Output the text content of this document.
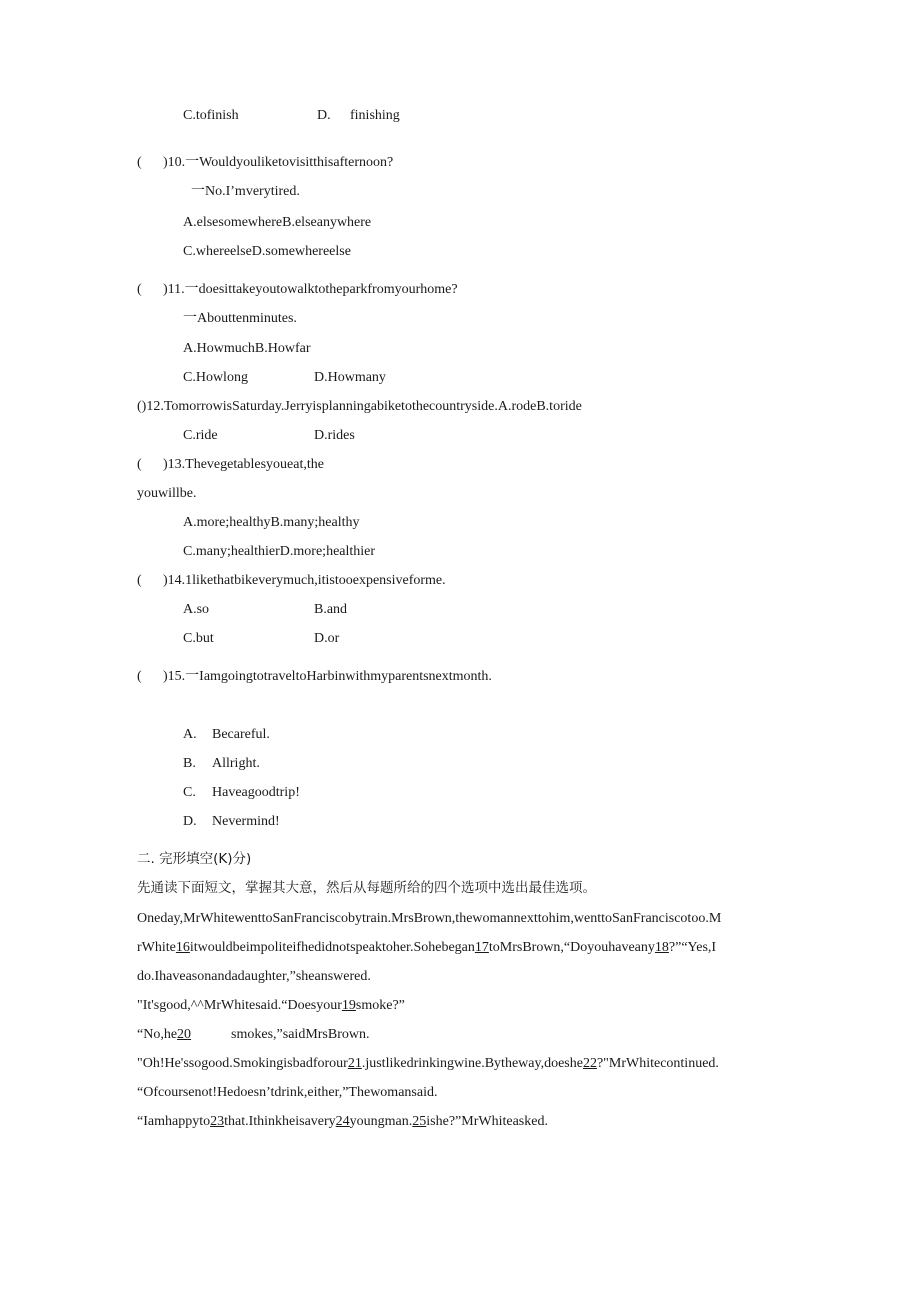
C.tofinish	D. finishing
( )10.一Wouldyouliketovisitthisafternoon?
一No.I’mverytired.
A.elsesomewhereB.elseanywhere
C.whereelseD.somewhereelse
( )11.一doesittakeyoutowalktotheparkfromyourhome?
一Abouttenminutes.
A.HowmuchB.Howfar
C.Howlong	D.Howmany
()12.TomorrowisSaturday.Jerryisplanningabiketothecountryside.A.rodeB.toride
C.ride	D.rides
( )13.Thevegetablesyoueat,the
youwillbe.
A.more;healthyB.many;healthy
C.many;healthierD.more;healthier
( )14.1likethatbikeverymuch,itistooexpensiveforme.
A.so	B.and
C.but	D.or
( )15.一IamgoingtotraveltoHarbinwithmyparentsnextmonth.
A. Becareful.
B. Allright.
C. Haveagoodtrip!
D. Nevermind!
二. 完形填空(K)分)
先通读下面短文，掌握其大意，然后从每题所给的四个选项中选出最佳选项。
Oneday,MrWhitewenttoSanFranciscobytrain.MrsBrown,thewomannexttohim,wenttoSanFranciscotoo.M
rWhite16itwouldbeimpoliteifhedidnotspeaktoher.Sohebegan17toMrsBrown,“Doyouhaveany18?”“Yes,I
do.Ihaveasonandadaughter,”sheanswered.
"It'sgood,^^MrWhitesaid.“Doesyour19smoke?”
“No,he20	smokes,”saidMrsBrown.
"Oh!He'ssogood.Smokingisbadforour21.justlikedrinkingwine.Bytheway,doeshe22?"MrWhitecontinued.
“Ofcoursenot!Hedoesn’tdrink,either,”Thewomansaid.
“Iamhappyto23that.Ithinkheisavery24youngman.25ishe?”MrWhiteasked.
